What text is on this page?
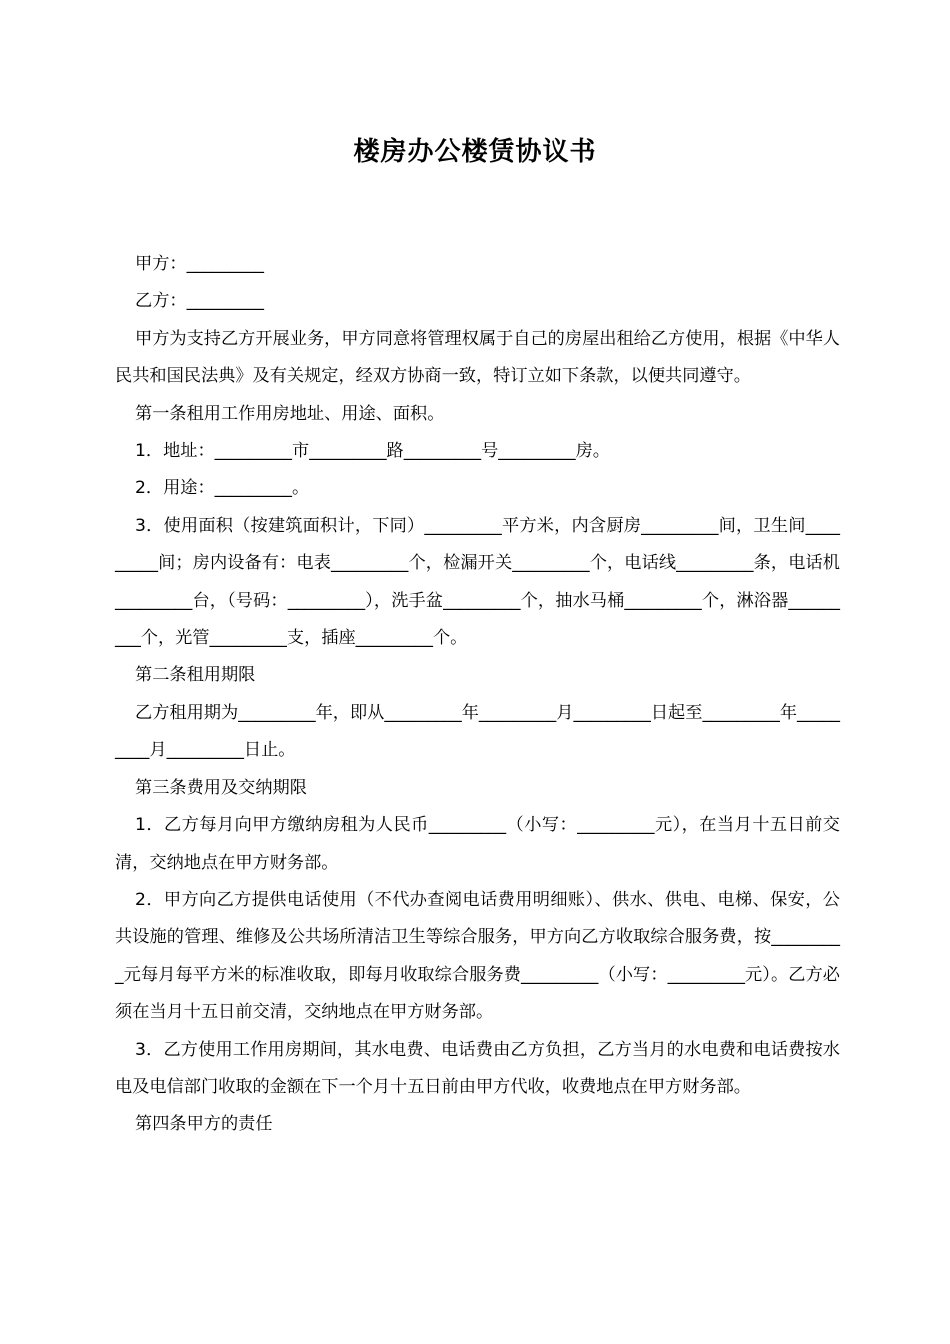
楼房办公楼赁协议书

甲方：_________

乙方：_________

甲方为支持乙方开展业务，甲方同意将管理权属于自己的房屋出租给乙方使用，根据《中华人民共和国民法典》及有关规定，经双方协商一致，特订立如下条款，以便共同遵守。

第一条租用工作用房地址、用途、面积。

1．地址：_________市_________路_________号_________房。

2．用途：_________。

3．使用面积（按建筑面积计，下同）_________平方米，内含厨房_________间，卫生间_________间；房内设备有：电表_________个，检漏开关_________个，电话线_________条，电话机_________台，（号码：_________），洗手盆_________个，抽水马桶_________个，淋浴器_________个，光管_________支，插座_________个。

第二条租用期限

乙方租用期为_________年，即从_________年_________月_________日起至_________年_________月_________日止。

第三条费用及交纳期限

1．乙方每月向甲方缴纳房租为人民币_________（小写：_________元），在当月十五日前交清，交纳地点在甲方财务部。

2．甲方向乙方提供电话使用（不代办查阅电话费用明细账）、供水、供电、电梯、保安，公共设施的管理、维修及公共场所清洁卫生等综合服务，甲方向乙方收取综合服务费，按_________元每月每平方米的标准收取，即每月收取综合服务费_________（小写：_________元）。乙方必须在当月十五日前交清，交纳地点在甲方财务部。

3．乙方使用工作用房期间，其水电费、电话费由乙方负担，乙方当月的水电费和电话费按水电及电信部门收取的金额在下一个月十五日前由甲方代收，收费地点在甲方财务部。

第四条甲方的责任
